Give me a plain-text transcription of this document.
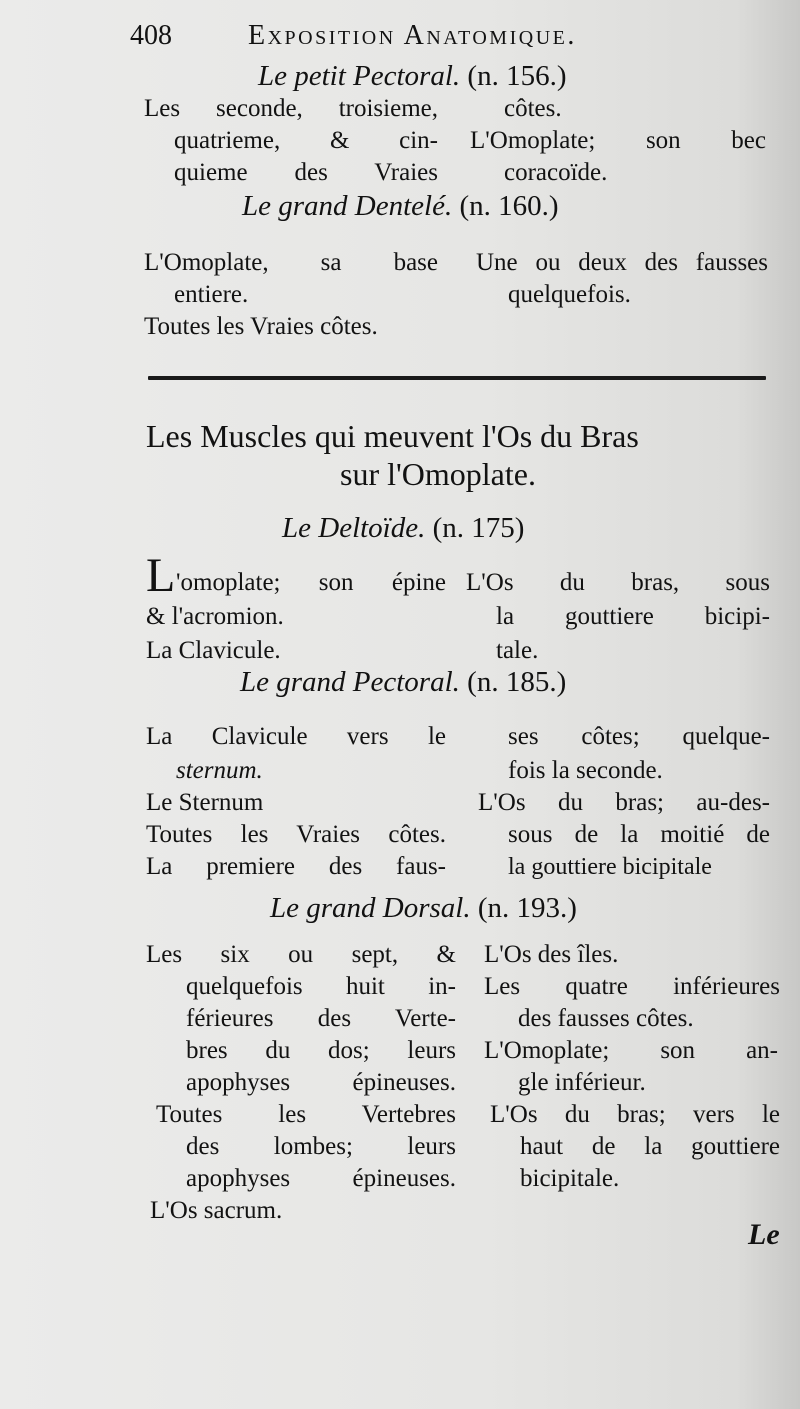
408	Exposition Anatomique.
Le petit Pectoral. (n. 156.)
Les seconde, troisieme,
quatrieme, & cin-
quieme des Vraies
côtes.
L'Omoplate; son bec
coracoïde.
Le grand Dentelé. (n. 160.)
L'Omoplate, sa base
entiere.
Toutes les Vraies côtes.
Une ou deux des fausses
quelquefois.
Les Muscles qui meuvent l'Os du Bras
sur l'Omoplate.
Le Deltoïde. (n. 175)
L 'omoplate; son épine
& l'acromion.
La Clavicule.
L'Os du bras, sous
la gouttiere bicipi-
tale.
Le grand Pectoral. (n. 185.)
La Clavicule vers le
sternum.
Le Sternum
Toutes les Vraies côtes.
La premiere des faus-
ses côtes; quelque-
fois la seconde.
L'Os du bras; au-des-
sous de la moitié de
la gouttiere bicipitale
Le grand Dorsal. (n. 193.)
Les six ou sept, &
quelquefois huit in-
férieures des Verte-
bres du dos; leurs
apophyses épineuses.
Toutes les Vertebres
des lombes; leurs
apophyses épineuses.
L'Os sacrum.
L'Os des îles.
Les quatre inférieures
des fausses côtes.
L'Omoplate; son an-
gle inférieur.
L'Os du bras; vers le
haut de la gouttiere
bicipitale.
Le
